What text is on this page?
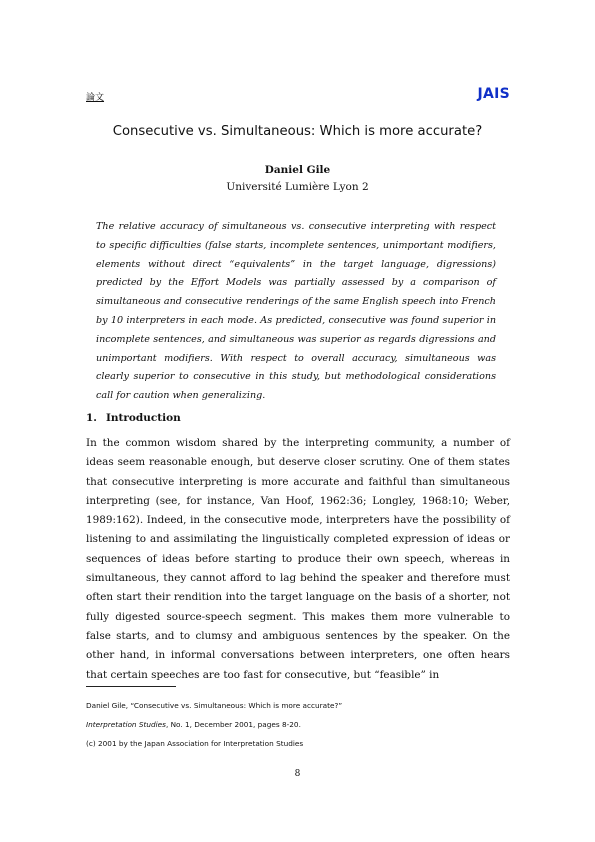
論文	JAIS
Consecutive vs. Simultaneous: Which is more accurate?
Daniel Gile
Université Lumière Lyon 2
The relative accuracy of simultaneous vs. consecutive interpreting with respect to specific difficulties (false starts, incomplete sentences, unimportant modifiers, elements without direct “equivalents” in the target language, digressions) predicted by the Effort Models was partially assessed by a comparison of simultaneous and consecutive renderings of the same English speech into French by 10 interpreters in each mode. As predicted, consecutive was found superior in incomplete sentences, and simultaneous was superior as regards digressions and unimportant modifiers. With respect to overall accuracy, simultaneous was clearly superior to consecutive in this study, but methodological considerations call for caution when generalizing.
1. Introduction
In the common wisdom shared by the interpreting community, a number of ideas seem reasonable enough, but deserve closer scrutiny. One of them states that consecutive interpreting is more accurate and faithful than simultaneous interpreting (see, for instance, Van Hoof, 1962:36; Longley, 1968:10; Weber, 1989:162). Indeed, in the consecutive mode, interpreters have the possibility of listening to and assimilating the linguistically completed expression of ideas or sequences of ideas before starting to produce their own speech, whereas in simultaneous, they cannot afford to lag behind the speaker and therefore must often start their rendition into the target language on the basis of a shorter, not fully digested source-speech segment. This makes them more vulnerable to false starts, and to clumsy and ambiguous sentences by the speaker. On the other hand, in informal conversations between interpreters, one often hears that certain speeches are too fast for consecutive, but “feasible” in
Daniel Gile, “Consecutive vs. Simultaneous: Which is more accurate?”
Interpretation Studies, No. 1, December 2001, pages 8-20.
(c) 2001 by the Japan Association for Interpretation Studies
8
